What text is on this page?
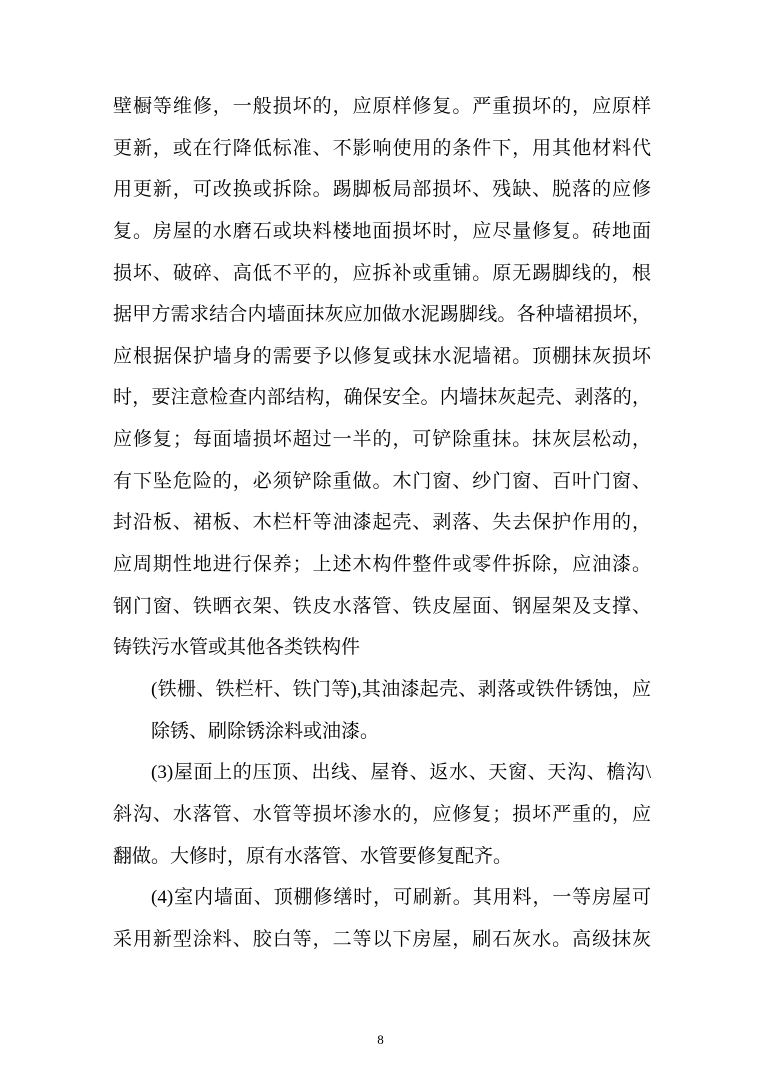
壁橱等维修，一般损坏的，应原样修复。严重损坏的，应原样
更新，或在行降低标准、不影响使用的条件下，用其他材料代
用更新，可改换或拆除。踢脚板局部损坏、残缺、脱落的应修
复。房屋的水磨石或块料楼地面损坏时，应尽量修复。砖地面
损坏、破碎、高低不平的，应拆补或重铺。原无踢脚线的，根
据甲方需求结合内墙面抹灰应加做水泥踢脚线。各种墙裙损坏，
应根据保护墙身的需要予以修复或抹水泥墙裙。顶棚抹灰损坏
时，要注意检查内部结构，确保安全。内墙抹灰起壳、剥落的，
应修复；每面墙损坏超过一半的，可铲除重抹。抹灰层松动，
有下坠危险的，必须铲除重做。木门窗、纱门窗、百叶门窗、
封沿板、裙板、木栏杆等油漆起壳、剥落、失去保护作用的，
应周期性地进行保养；上述木构件整件或零件拆除，应油漆。
钢门窗、铁晒衣架、铁皮水落管、铁皮屋面、钢屋架及支撑、
铸铁污水管或其他各类铁构件
(铁栅、铁栏杆、铁门等),其油漆起壳、剥落或铁件锈蚀，应
除锈、刷除锈涂料或油漆。
(3)屋面上的压顶、出线、屋脊、返水、天窗、天沟、檐沟\
斜沟、水落管、水管等损坏渗水的，应修复；损坏严重的，应
翻做。大修时，原有水落管、水管要修复配齐。
(4)室内墙面、顶棚修缮时，可刷新。其用料，一等房屋可
采用新型涂料、胶白等，二等以下房屋，刷石灰水。高级抹灰
8
